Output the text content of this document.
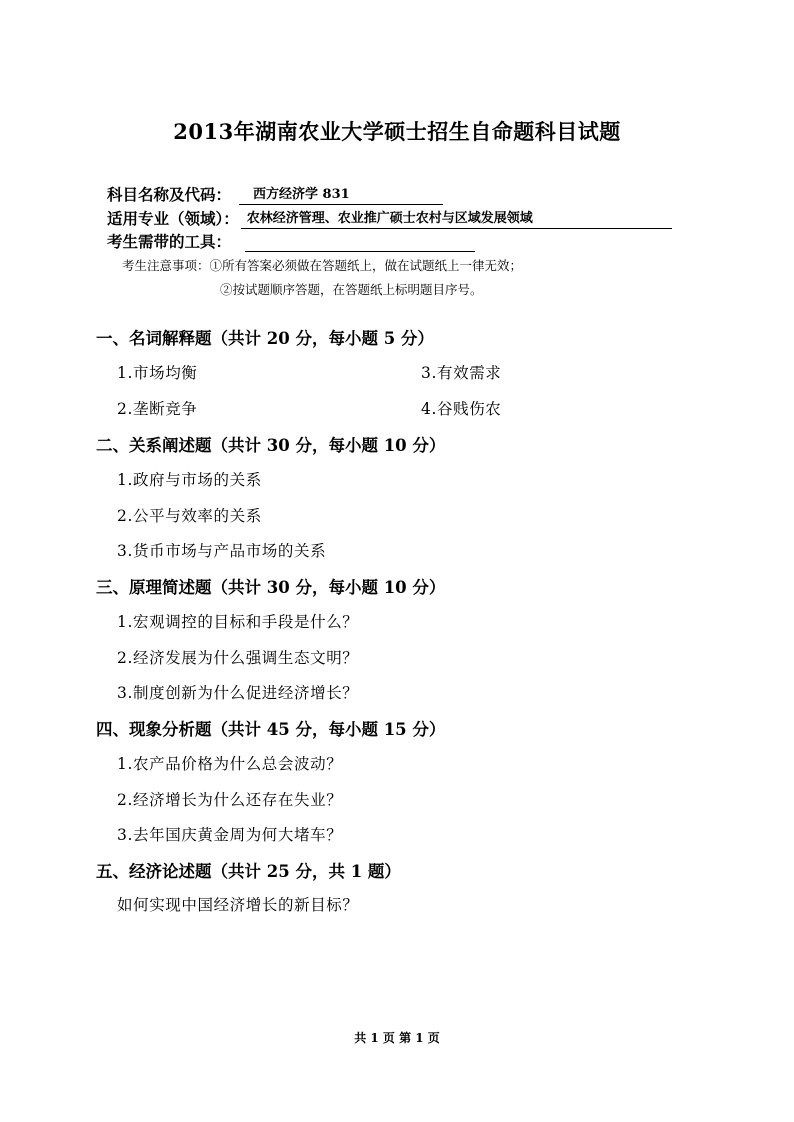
2013年湖南农业大学硕士招生自命题科目试题
科目名称及代码：	西方经济学 831
适用专业（领域）： 农林经济管理、农业推广硕士农村与区域发展领域
考生需带的工具：
考生注意事项：①所有答案必须做在答题纸上，做在试题纸上一律无效；
②按试题顺序答题，在答题纸上标明题目序号。
一、名词解释题（共计 20 分，每小题 5 分）
1.市场均衡	3.有效需求
2.垄断竞争	4.谷贱伤农
二、关系阐述题（共计 30 分，每小题 10 分）
1.政府与市场的关系
2.公平与效率的关系
3.货币市场与产品市场的关系
三、原理简述题（共计 30 分，每小题 10 分）
1.宏观调控的目标和手段是什么？
2.经济发展为什么强调生态文明？
3.制度创新为什么促进经济增长？
四、现象分析题（共计 45 分，每小题 15 分）
1.农产品价格为什么总会波动？
2.经济增长为什么还存在失业？
3.去年国庆黄金周为何大堵车？
五、经济论述题（共计 25 分，共 1 题）
如何实现中国经济增长的新目标？
共 1 页 第 1 页
